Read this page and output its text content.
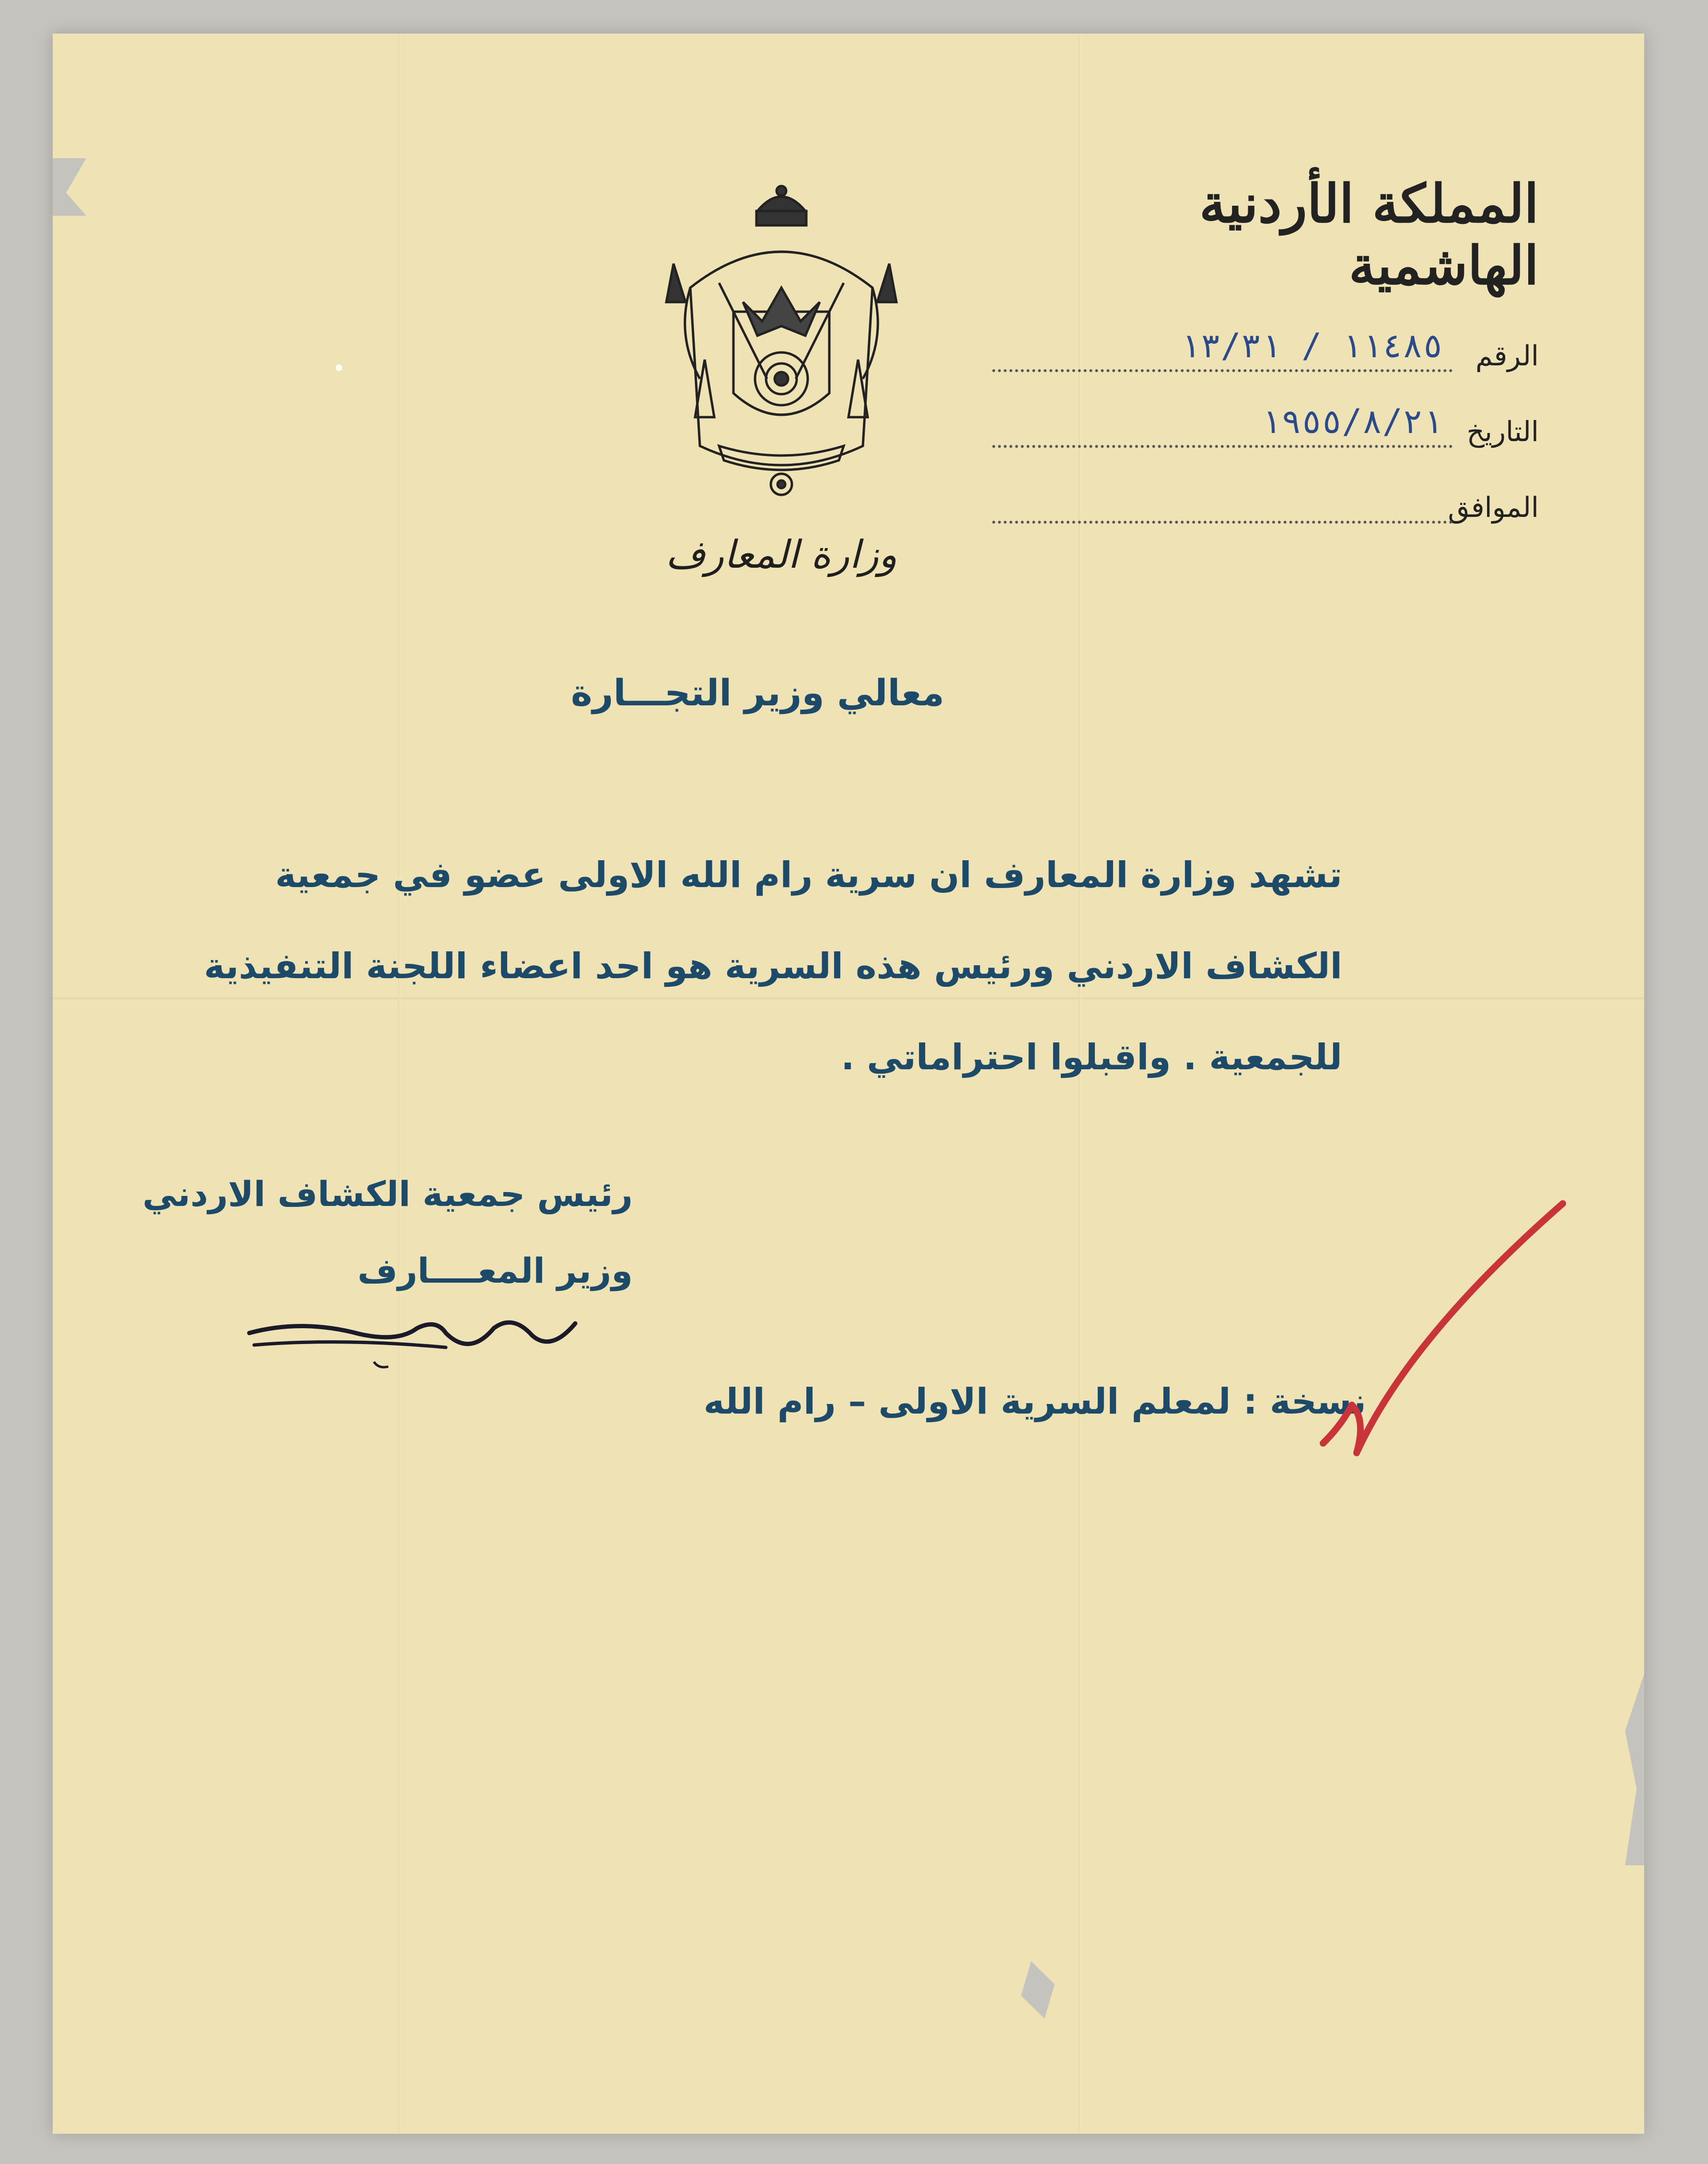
المملكة الأردنية الهاشمية
الرقم
١١٤٨٥ / ١٣/٣١
التاريخ
١٩٥٥/٨/٢١
الموافق
وزارة المعارف
معالي وزير التجـــارة
تشهد وزارة المعارف ان سرية رام الله الاولى عضو في جمعية
الكشاف الاردني ورئيس هذه السرية هو احد اعضاء اللجنة التنفيذية
للجمعية . واقبلوا احتراماتي .
رئيس جمعية الكشاف الاردني
وزير المعــــارف
نسخة : لمعلم السرية الاولى – رام الله
